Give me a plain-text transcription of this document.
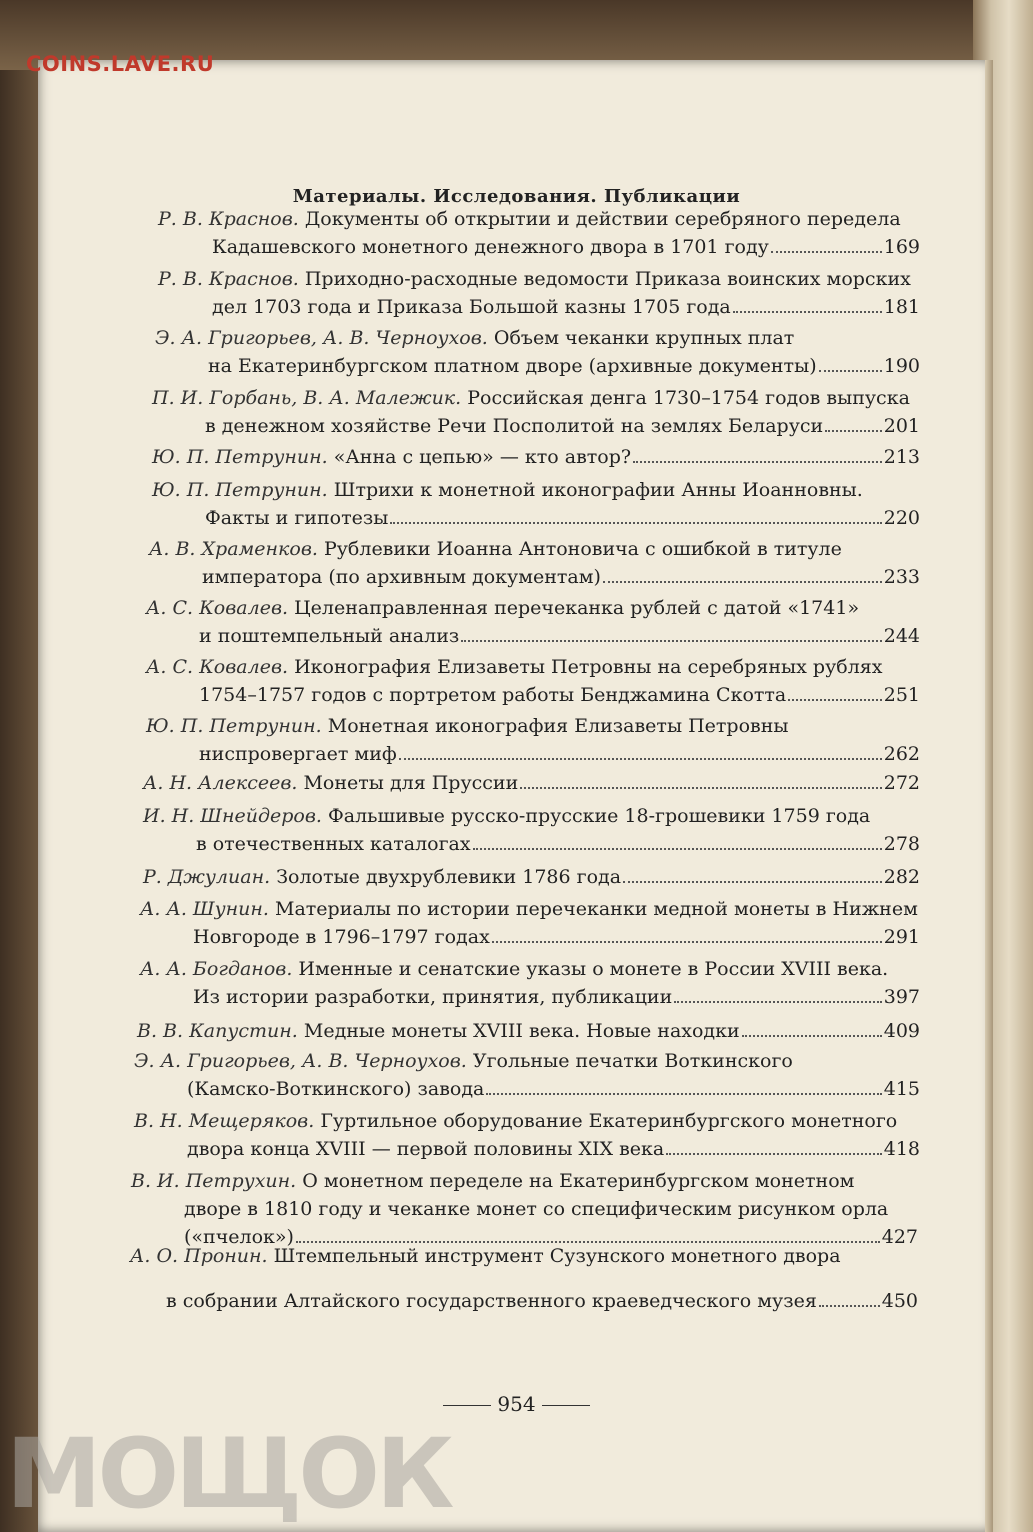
COINS.LAVE.RU
МОЩОК
Материалы. Исследования. Публикации
Р. В. Краснов. Документы об открытии и действии серебряного передела
Кадашевского монетного денежного двора в 1701 году	169
Р. В. Краснов. Приходно-расходные ведомости Приказа воинских морских
дел 1703 года и Приказа Большой казны 1705 года	181
Э. А. Григорьев, А. В. Черноухов. Объем чеканки крупных плат
на Екатеринбургском платном дворе (архивные документы)	190
П. И. Горбань, В. А. Малежик. Российская денга 1730–1754 годов выпуска
в денежном хозяйстве Речи Посполитой на землях Беларуси	201
Ю. П. Петрунин.
«Анна с цепью» — кто автор?	213
Ю. П. Петрунин. Штрихи к монетной иконографии Анны Иоанновны.
Факты и гипотезы	220
А. В. Храменков. Рублевики Иоанна Антоновича с ошибкой в титуле
императора (по архивным документам)	233
А. С. Ковалев. Целенаправленная перечеканка рублей с датой «1741»
и поштемпельный анализ	244
А. С. Ковалев. Иконография Елизаветы Петровны на серебряных рублях
1754–1757 годов с портретом работы Бенджамина Скотта	251
Ю. П. Петрунин. Монетная иконография Елизаветы Петровны
ниспровергает миф	262
А. Н. Алексеев.
Монеты для Пруссии	272
И. Н. Шнейдеров. Фальшивые русско-прусские 18-грошевики 1759 года
в отечественных каталогах	278
Р. Джулиан.
Золотые двухрублевики 1786 года	282
А. А. Шунин. Материалы по истории перечеканки медной монеты в Нижнем
Новгороде в 1796–1797 годах	291
А. А. Богданов. Именные и сенатские указы о монете в России XVIII века.
Из истории разработки, принятия, публикации	397
В. В. Капустин.
Медные монеты XVIII века. Новые находки	409
Э. А. Григорьев, А. В. Черноухов. Угольные печатки Воткинского
(Камско-Воткинского) завода	415
В. Н. Мещеряков. Гуртильное оборудование Екатеринбургского монетного
двора конца XVIII — первой половины XIX века	418
В. И. Петрухин. О монетном переделе на Екатеринбургском монетном
дворе в 1810 году и чеканке монет со специфическим рисунком орла
(«пчелок»)	427
А. О. Пронин. Штемпельный инструмент Сузунского монетного двора
в собрании Алтайского государственного краеведческого музея	450
954
